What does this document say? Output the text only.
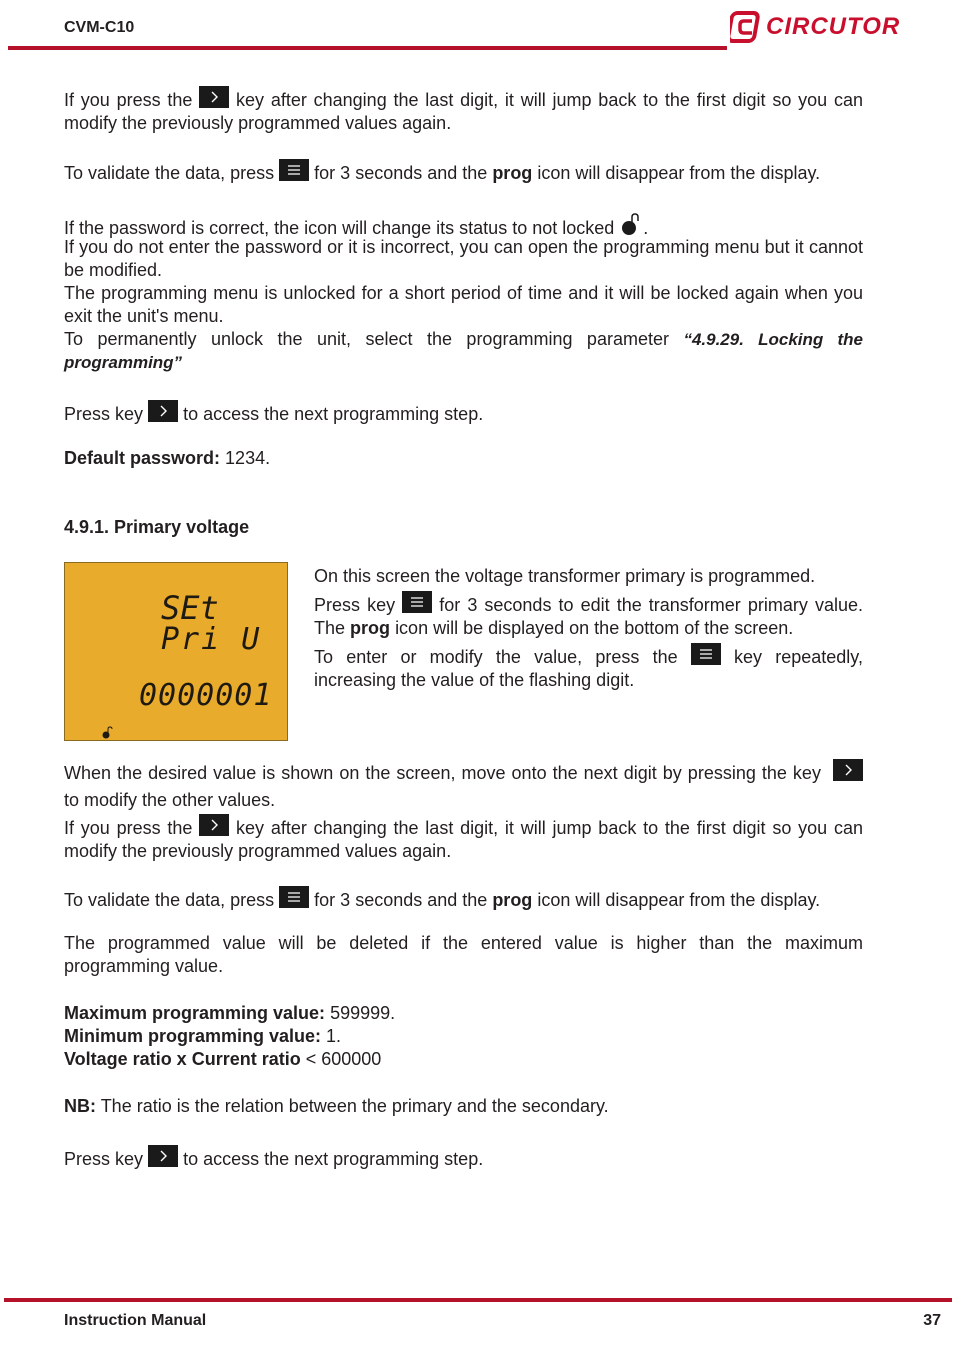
CVM-C10	CIRCUTOR
If you press the key after changing the last digit, it will jump back to the first digit so you can modify the previously programmed values again.
To validate the data, press for 3 seconds and the prog icon will disappear from the display.
If the password is correct, the icon will change its status to not locked .
If you do not enter the password or it is incorrect, you can open the programming menu but it cannot be modified.
The programming menu is unlocked for a short period of time and it will be locked again when you exit the unit's menu.
To permanently unlock the unit, select the programming parameter “4.9.29. Locking the programming”
Press key to access the next programming step.
Default password: 1234.
4.9.1. Primary voltage
SEt
Pri U
0000001
On this screen the voltage transformer primary is programmed.
Press key for 3 seconds to edit the transformer primary value. The prog icon will be displayed on the bottom of the screen.
To enter or modify the value, press the	key repeatedly, increasing the value of the flashing digit.
When the desired value is shown on the screen, move onto the next digit by pressing the key
to modify the other values.
If you press the key after changing the last digit, it will jump back to the first digit so you can modify the previously programmed values again.
To validate the data, press for 3 seconds and the prog icon will disappear from the display.
The programmed value will be deleted if the entered value is higher than the maximum programming value.
Maximum programming value: 599999.
Minimum programming value: 1.
Voltage ratio x Current ratio < 600000
NB: The ratio is the relation between the primary and the secondary.
Press key to access the next programming step.
Instruction Manual	37
